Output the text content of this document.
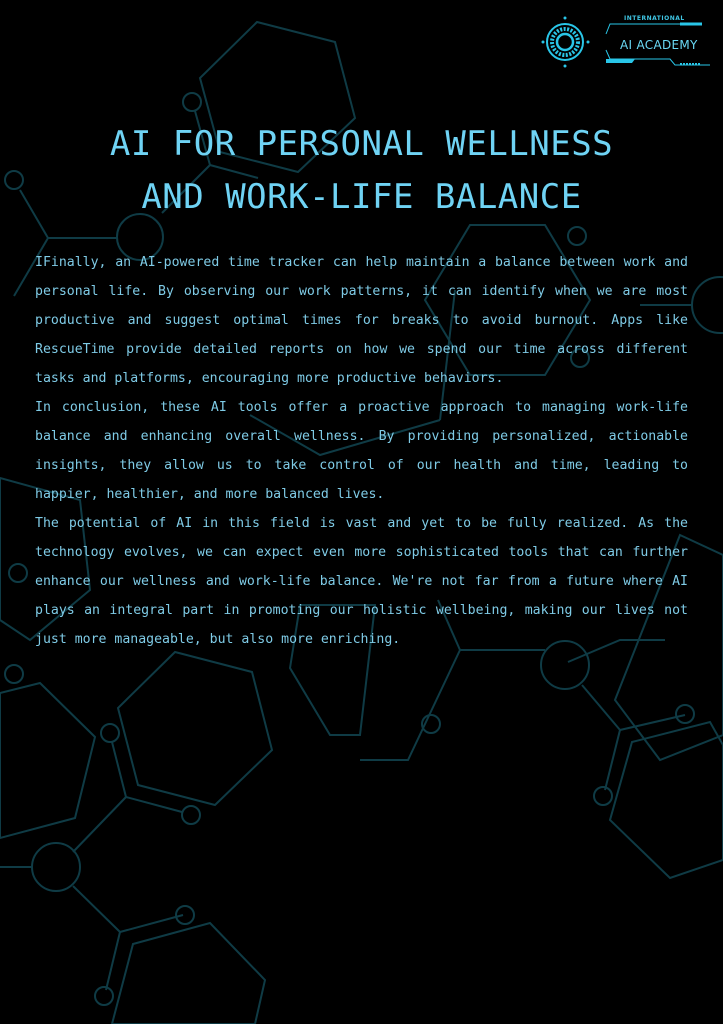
INTERNATIONAL
AI ACADEMY
AI FOR PERSONAL WELLNESS
AND WORK-LIFE BALANCE

IFinally, an AI-powered time tracker can help maintain a balance between work and personal life. By observing our work patterns, it can identify when we are most productive and suggest optimal times for breaks to avoid burnout. Apps like RescueTime provide detailed reports on how we spend our time across different tasks and platforms, encouraging more productive behaviors.

In conclusion, these AI tools offer a proactive approach to managing work-life balance and enhancing overall wellness. By providing personalized, actionable insights, they allow us to take control of our health and time, leading to happier, healthier, and more balanced lives.

The potential of AI in this field is vast and yet to be fully realized. As the technology evolves, we can expect even more sophisticated tools that can further enhance our wellness and work-life balance. We're not far from a future where AI plays an integral part in promoting our holistic wellbeing, making our lives not just more manageable, but also more enriching.
